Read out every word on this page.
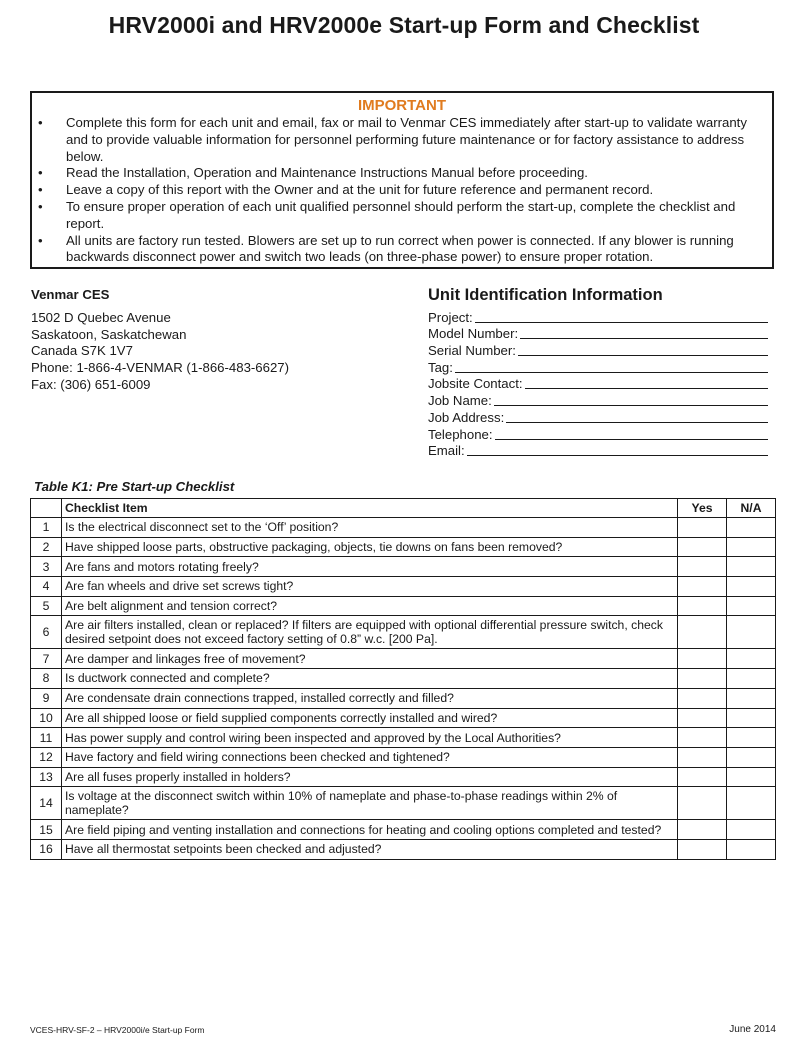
HRV2000i and HRV2000e Start-up Form and Checklist
IMPORTANT
• Complete this form for each unit and email, fax or mail to Venmar CES immediately after start-up to validate warranty and to provide valuable information for personnel performing future maintenance or for factory assistance to address below.
• Read the Installation, Operation and Maintenance Instructions Manual before proceeding.
• Leave a copy of this report with the Owner and at the unit for future reference and permanent record.
• To ensure proper operation of each unit qualified personnel should perform the start-up, complete the checklist and report.
• All units are factory run tested. Blowers are set up to run correct when power is connected. If any blower is running backwards disconnect power and switch two leads (on three-phase power) to ensure proper rotation.
Venmar CES
1502 D Quebec Avenue
Saskatoon, Saskatchewan
Canada S7K 1V7
Phone: 1-866-4-VENMAR (1-866-483-6627)
Fax: (306) 651-6009
Unit Identification Information
Project:
Model Number:
Serial Number:
Tag:
Jobsite Contact:
Job Name:
Job Address:
Telephone:
Email:
Table K1: Pre Start-up Checklist
	Checklist Item	Yes	N/A
1	Is the electrical disconnect set to the ‘Off’ position?		
2	Have shipped loose parts, obstructive packaging, objects, tie downs on fans been removed?		
3	Are fans and motors rotating freely?		
4	Are fan wheels and drive set screws tight?		
5	Are belt alignment and tension correct?		
6	Are air filters installed, clean or replaced? If filters are equipped with optional differential pressure switch, check desired setpoint does not exceed factory setting of 0.8” w.c. [200 Pa].		
7	Are damper and linkages free of movement?		
8	Is ductwork connected and complete?		
9	Are condensate drain connections trapped, installed correctly and filled?		
10	Are all shipped loose or field supplied components correctly installed and wired?		
11	Has power supply and control wiring been inspected and approved by the Local Authorities?		
12	Have factory and field wiring connections been checked and tightened?		
13	Are all fuses properly installed in holders?		
14	Is voltage at the disconnect switch within 10% of nameplate and phase-to-phase readings within 2% of nameplate?		
15	Are field piping and venting installation and connections for heating and cooling options completed and tested?		
16	Have all thermostat setpoints been checked and adjusted?		
VCES-HRV-SF-2 – HRV2000i/e Start-up Form	June 2014
